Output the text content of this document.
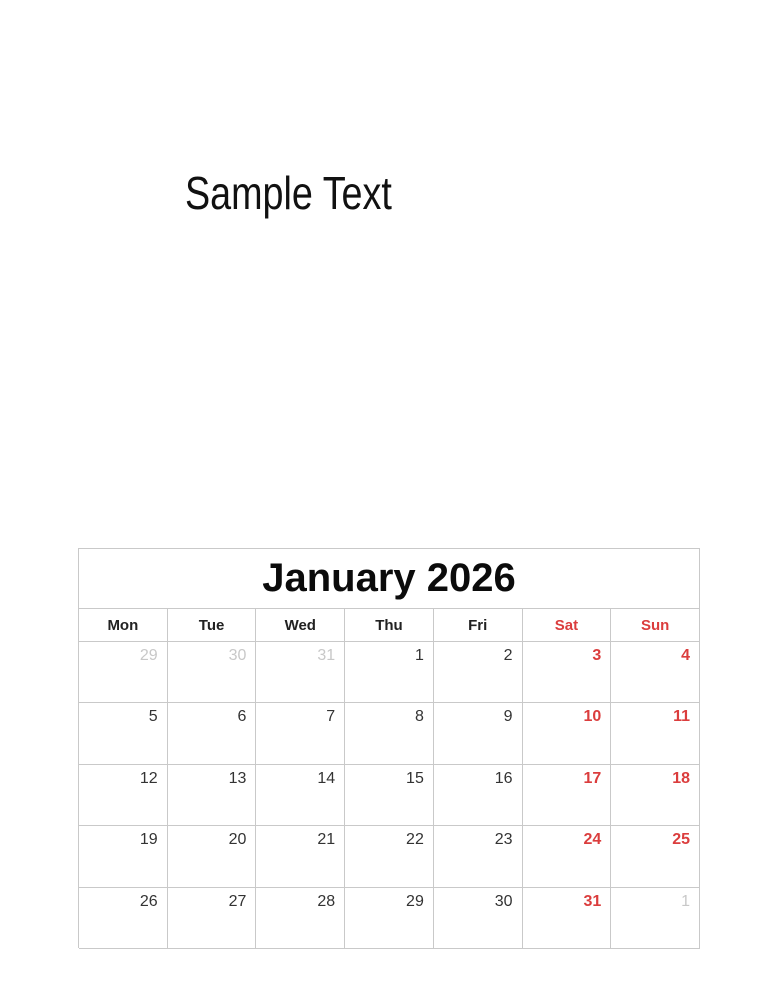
Sample Text
January 2026
Mon	Tue	Wed	Thu	Fri	Sat	Sun
29	30	31	1	2	3	4
5	6	7	8	9	10	11
12	13	14	15	16	17	18
19	20	21	22	23	24	25
26	27	28	29	30	31	1
